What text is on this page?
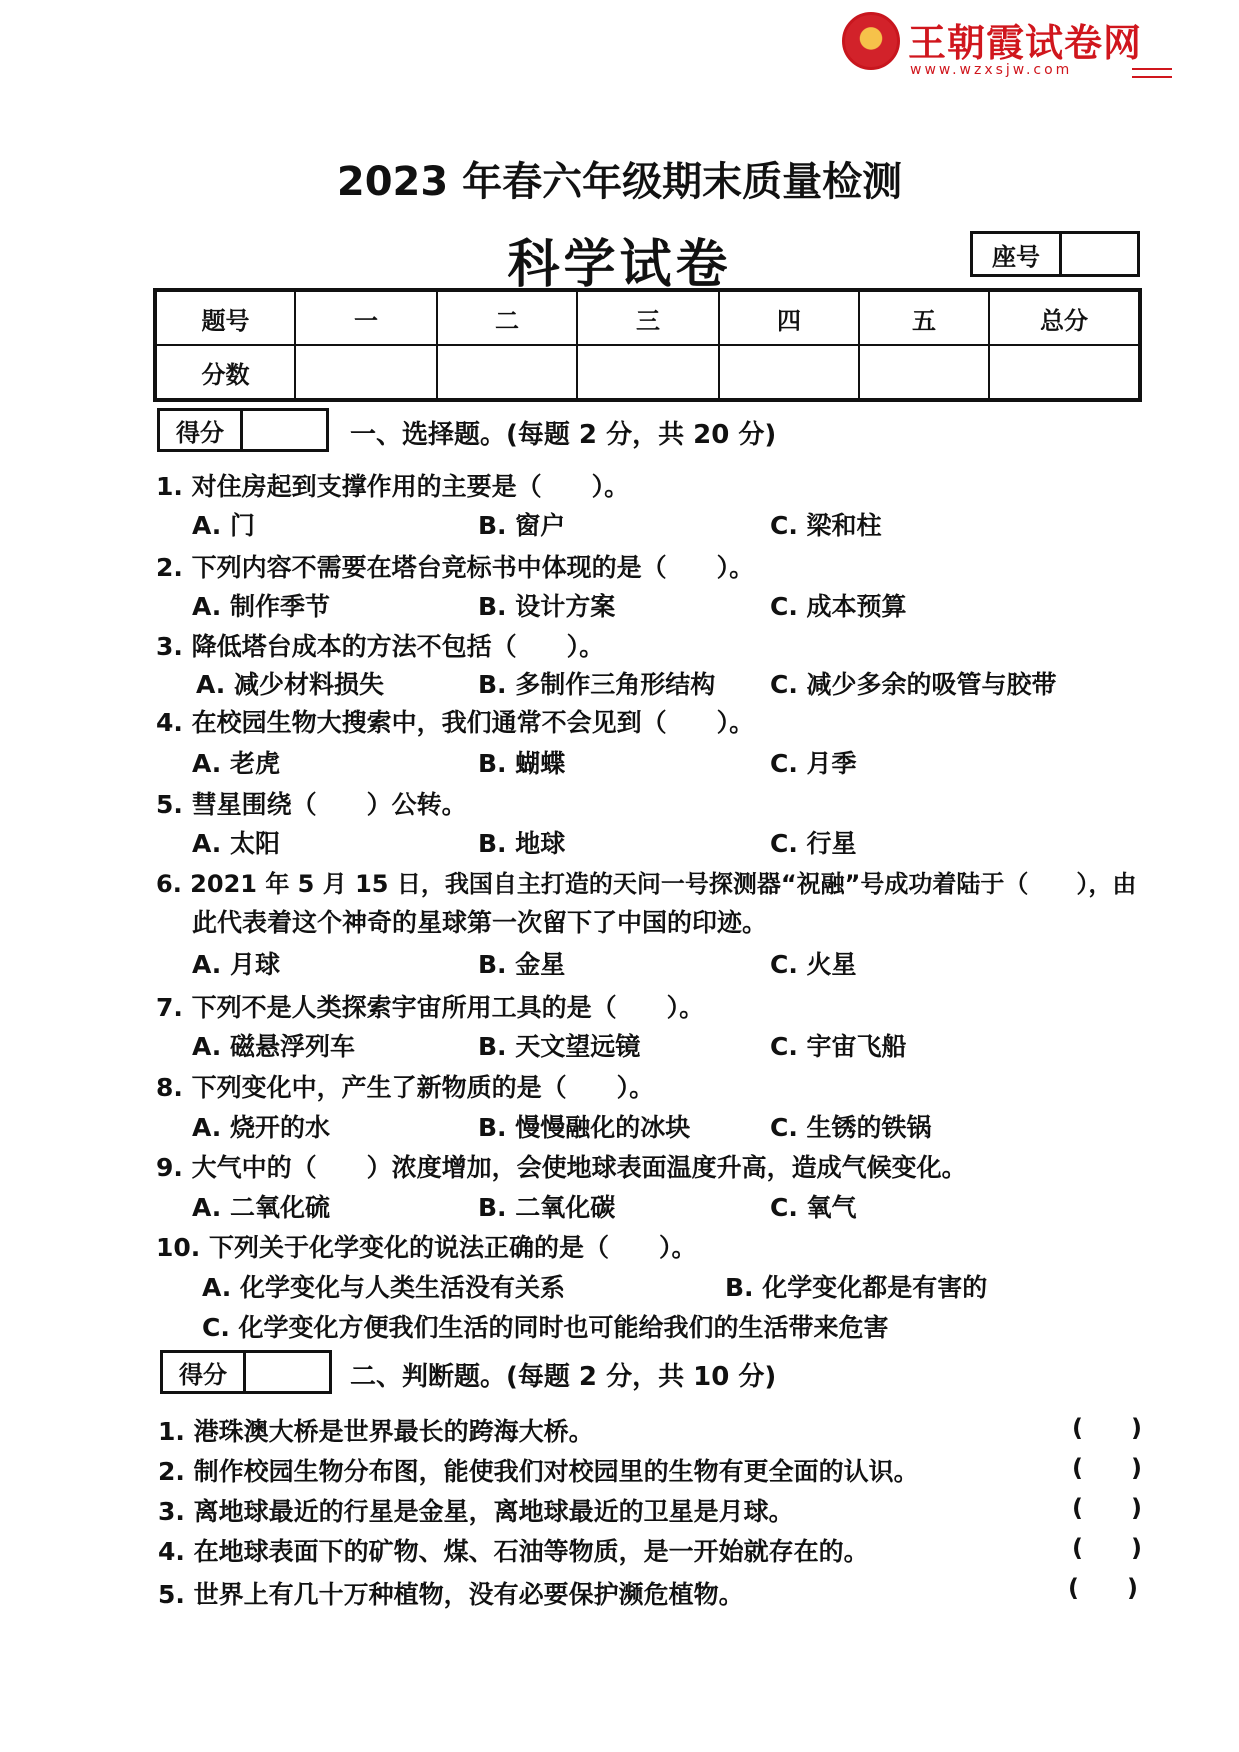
王朝霞试卷网
www.wzxsjw.com
2023 年春六年级期末质量检测
科学试卷	座号
题号	一	二	三	四	五	总分
分数						
得分	一、选择题。(每题 2 分，共 20 分)
1. 对住房起到支撑作用的主要是（　　）。
A. 门	B. 窗户	C. 梁和柱
2. 下列内容不需要在塔台竞标书中体现的是（　　）。
A. 制作季节	B. 设计方案	C. 成本预算
3. 降低塔台成本的方法不包括（　　）。
A. 减少材料损失	B. 多制作三角形结构 C. 减少多余的吸管与胶带
4. 在校园生物大搜索中，我们通常不会见到（　　）。
A. 老虎	B. 蝴蝶	C. 月季
5. 彗星围绕（　　）公转。
A. 太阳	B. 地球	C. 行星
6. 2021 年 5 月 15 日，我国自主打造的天问一号探测器“祝融”号成功着陆于（　　），由
此代表着这个神奇的星球第一次留下了中国的印迹。
A. 月球	B. 金星	C. 火星
7. 下列不是人类探索宇宙所用工具的是（　　）。
A. 磁悬浮列车	B. 天文望远镜	C. 宇宙飞船
8. 下列变化中，产生了新物质的是（　　）。
A. 烧开的水	B. 慢慢融化的冰块	C. 生锈的铁锅
9. 大气中的（　　）浓度增加，会使地球表面温度升高，造成气候变化。
A. 二氧化硫	B. 二氧化碳	C. 氧气
10. 下列关于化学变化的说法正确的是（　　）。
A. 化学变化与人类生活没有关系	B. 化学变化都是有害的
C. 化学变化方便我们生活的同时也可能给我们的生活带来危害
得分	二、判断题。(每题 2 分，共 10 分)
1. 港珠澳大桥是世界最长的跨海大桥。	(　　)
2. 制作校园生物分布图，能使我们对校园里的生物有更全面的认识。	(　　)
3. 离地球最近的行星是金星，离地球最近的卫星是月球。	(　　)
4. 在地球表面下的矿物、煤、石油等物质，是一开始就存在的。	(　　)
5. 世界上有几十万种植物，没有必要保护濒危植物。	(　　)
